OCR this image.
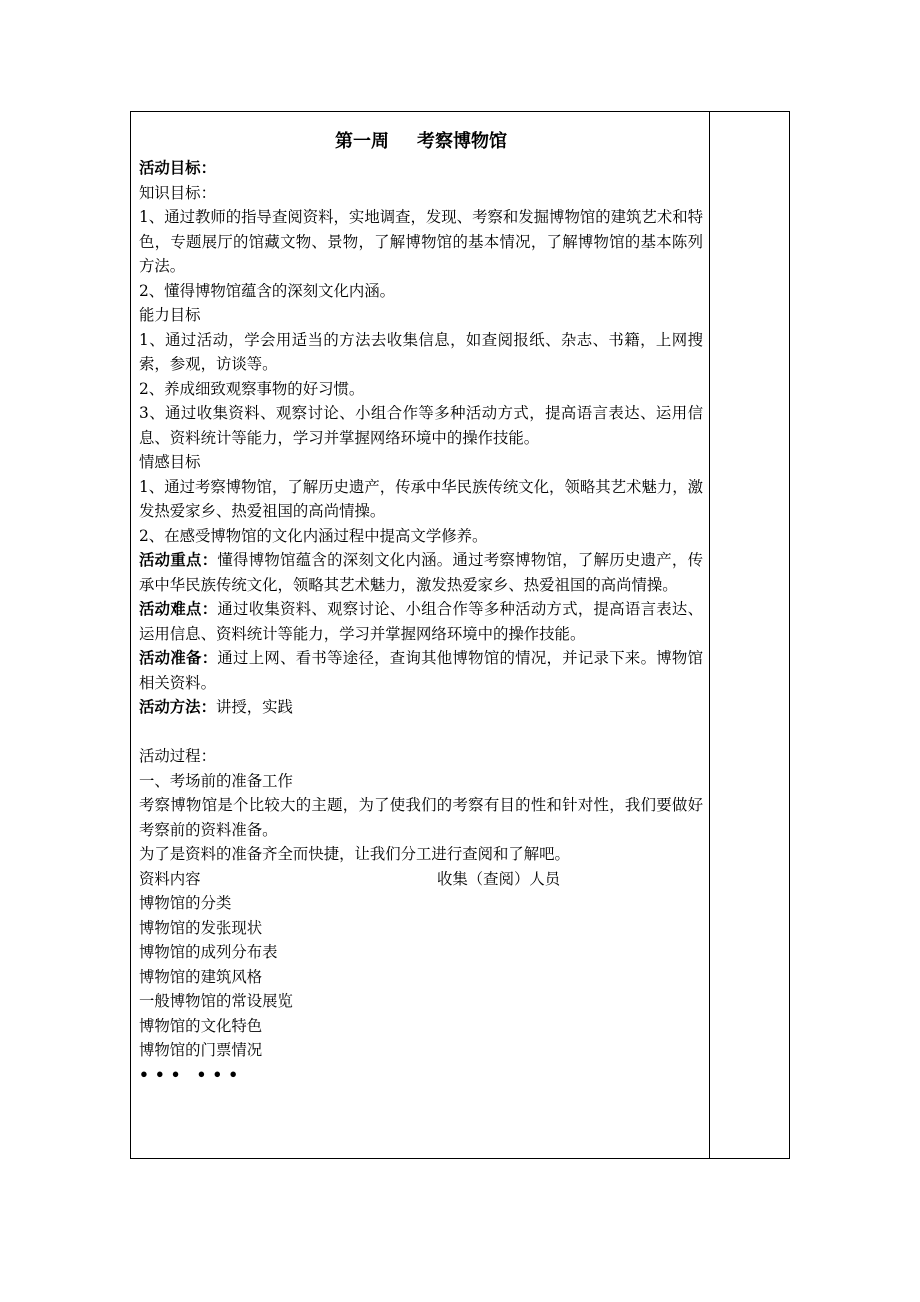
第一周 考察博物馆

活动目标：

知识目标：

1、通过教师的指导查阅资料，实地调查，发现、考察和发掘博物馆的建筑艺术和特色，专题展厅的馆藏文物、景物，了解博物馆的基本情况，了解博物馆的基本陈列方法。

2、懂得博物馆蕴含的深刻文化内涵。

能力目标

1、通过活动，学会用适当的方法去收集信息，如查阅报纸、杂志、书籍，上网搜索，参观，访谈等。

2、养成细致观察事物的好习惯。

3、通过收集资料、观察讨论、小组合作等多种活动方式，提高语言表达、运用信息、资料统计等能力，学习并掌握网络环境中的操作技能。

情感目标

1、通过考察博物馆，了解历史遗产，传承中华民族传统文化，领略其艺术魅力，激发热爱家乡、热爱祖国的高尚情操。

2、在感受博物馆的文化内涵过程中提高文学修养。

活动重点：懂得博物馆蕴含的深刻文化内涵。通过考察博物馆，了解历史遗产，传承中华民族传统文化，领略其艺术魅力，激发热爱家乡、热爱祖国的高尚情操。

活动难点：通过收集资料、观察讨论、小组合作等多种活动方式，提高语言表达、运用信息、资料统计等能力，学习并掌握网络环境中的操作技能。

活动准备：通过上网、看书等途径，查询其他博物馆的情况，并记录下来。博物馆相关资料。

活动方法：讲授，实践

活动过程：

一、考场前的准备工作

考察博物馆是个比较大的主题，为了使我们的考察有目的性和针对性，我们要做好考察前的资料准备。

为了是资料的准备齐全而快捷，让我们分工进行查阅和了解吧。

资料内容	收集（查阅）人员

博物馆的分类

博物馆的发张现状

博物馆的成列分布表

博物馆的建筑风格

一般博物馆的常设展览

博物馆的文化特色

博物馆的门票情况

••• •••
